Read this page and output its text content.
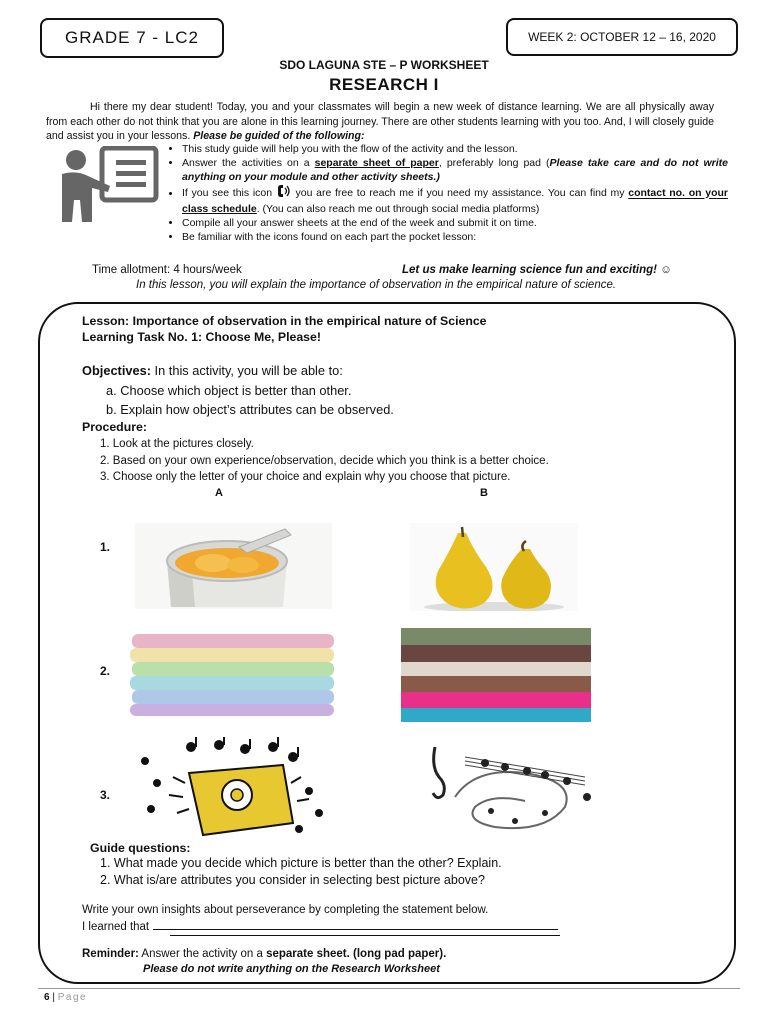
GRADE 7 - LC2	WEEK 2: OCTOBER 12 – 16, 2020
SDO LAGUNA STE – P WORKSHEET
RESEARCH I
Hi there my dear student! Today, you and your classmates will begin a new week of distance learning. We are all physically away from each other do not think that you are alone in this learning journey. There are other students learning with you too. And, I will closely guide and assist you in your lessons. Please be guided of the following:
• This study guide will help you with the flow of the activity and the lesson.
• Answer the activities on a separate sheet of paper, preferably long pad (Please take care and do not write anything on your module and other activity sheets.)
• If you see this icon  you are free to reach me if you need my assistance. You can find my contact no. on your class schedule. (You can also reach me out through social media platforms)
• Compile all your answer sheets at the end of the week and submit it on time.
• Be familiar with the icons found on each part the pocket lesson:
Time allotment: 4 hours/week	Let us make learning science fun and exciting! ☺
In this lesson, you will explain the importance of observation in the empirical nature of science.
Lesson: Importance of observation in the empirical nature of Science
Learning Task No. 1: Choose Me, Please!
Objectives: In this activity, you will be able to:
a. Choose which object is better than other.
b. Explain how object’s attributes can be observed.
Procedure:
1. Look at the pictures closely.
2. Based on your own experience/observation, decide which you think is a better choice.
3. Choose only the letter of your choice and explain why you choose that picture.
A	B
1.
2.
3.
Guide questions:
1. What made you decide which picture is better than the other? Explain.
2. What is/are attributes you consider in selecting best picture above?
Write your own insights about perseverance by completing the statement below.
I learned that
Reminder: Answer the activity on a separate sheet. (long pad paper).
Please do not write anything on the Research Worksheet
6 | Page
